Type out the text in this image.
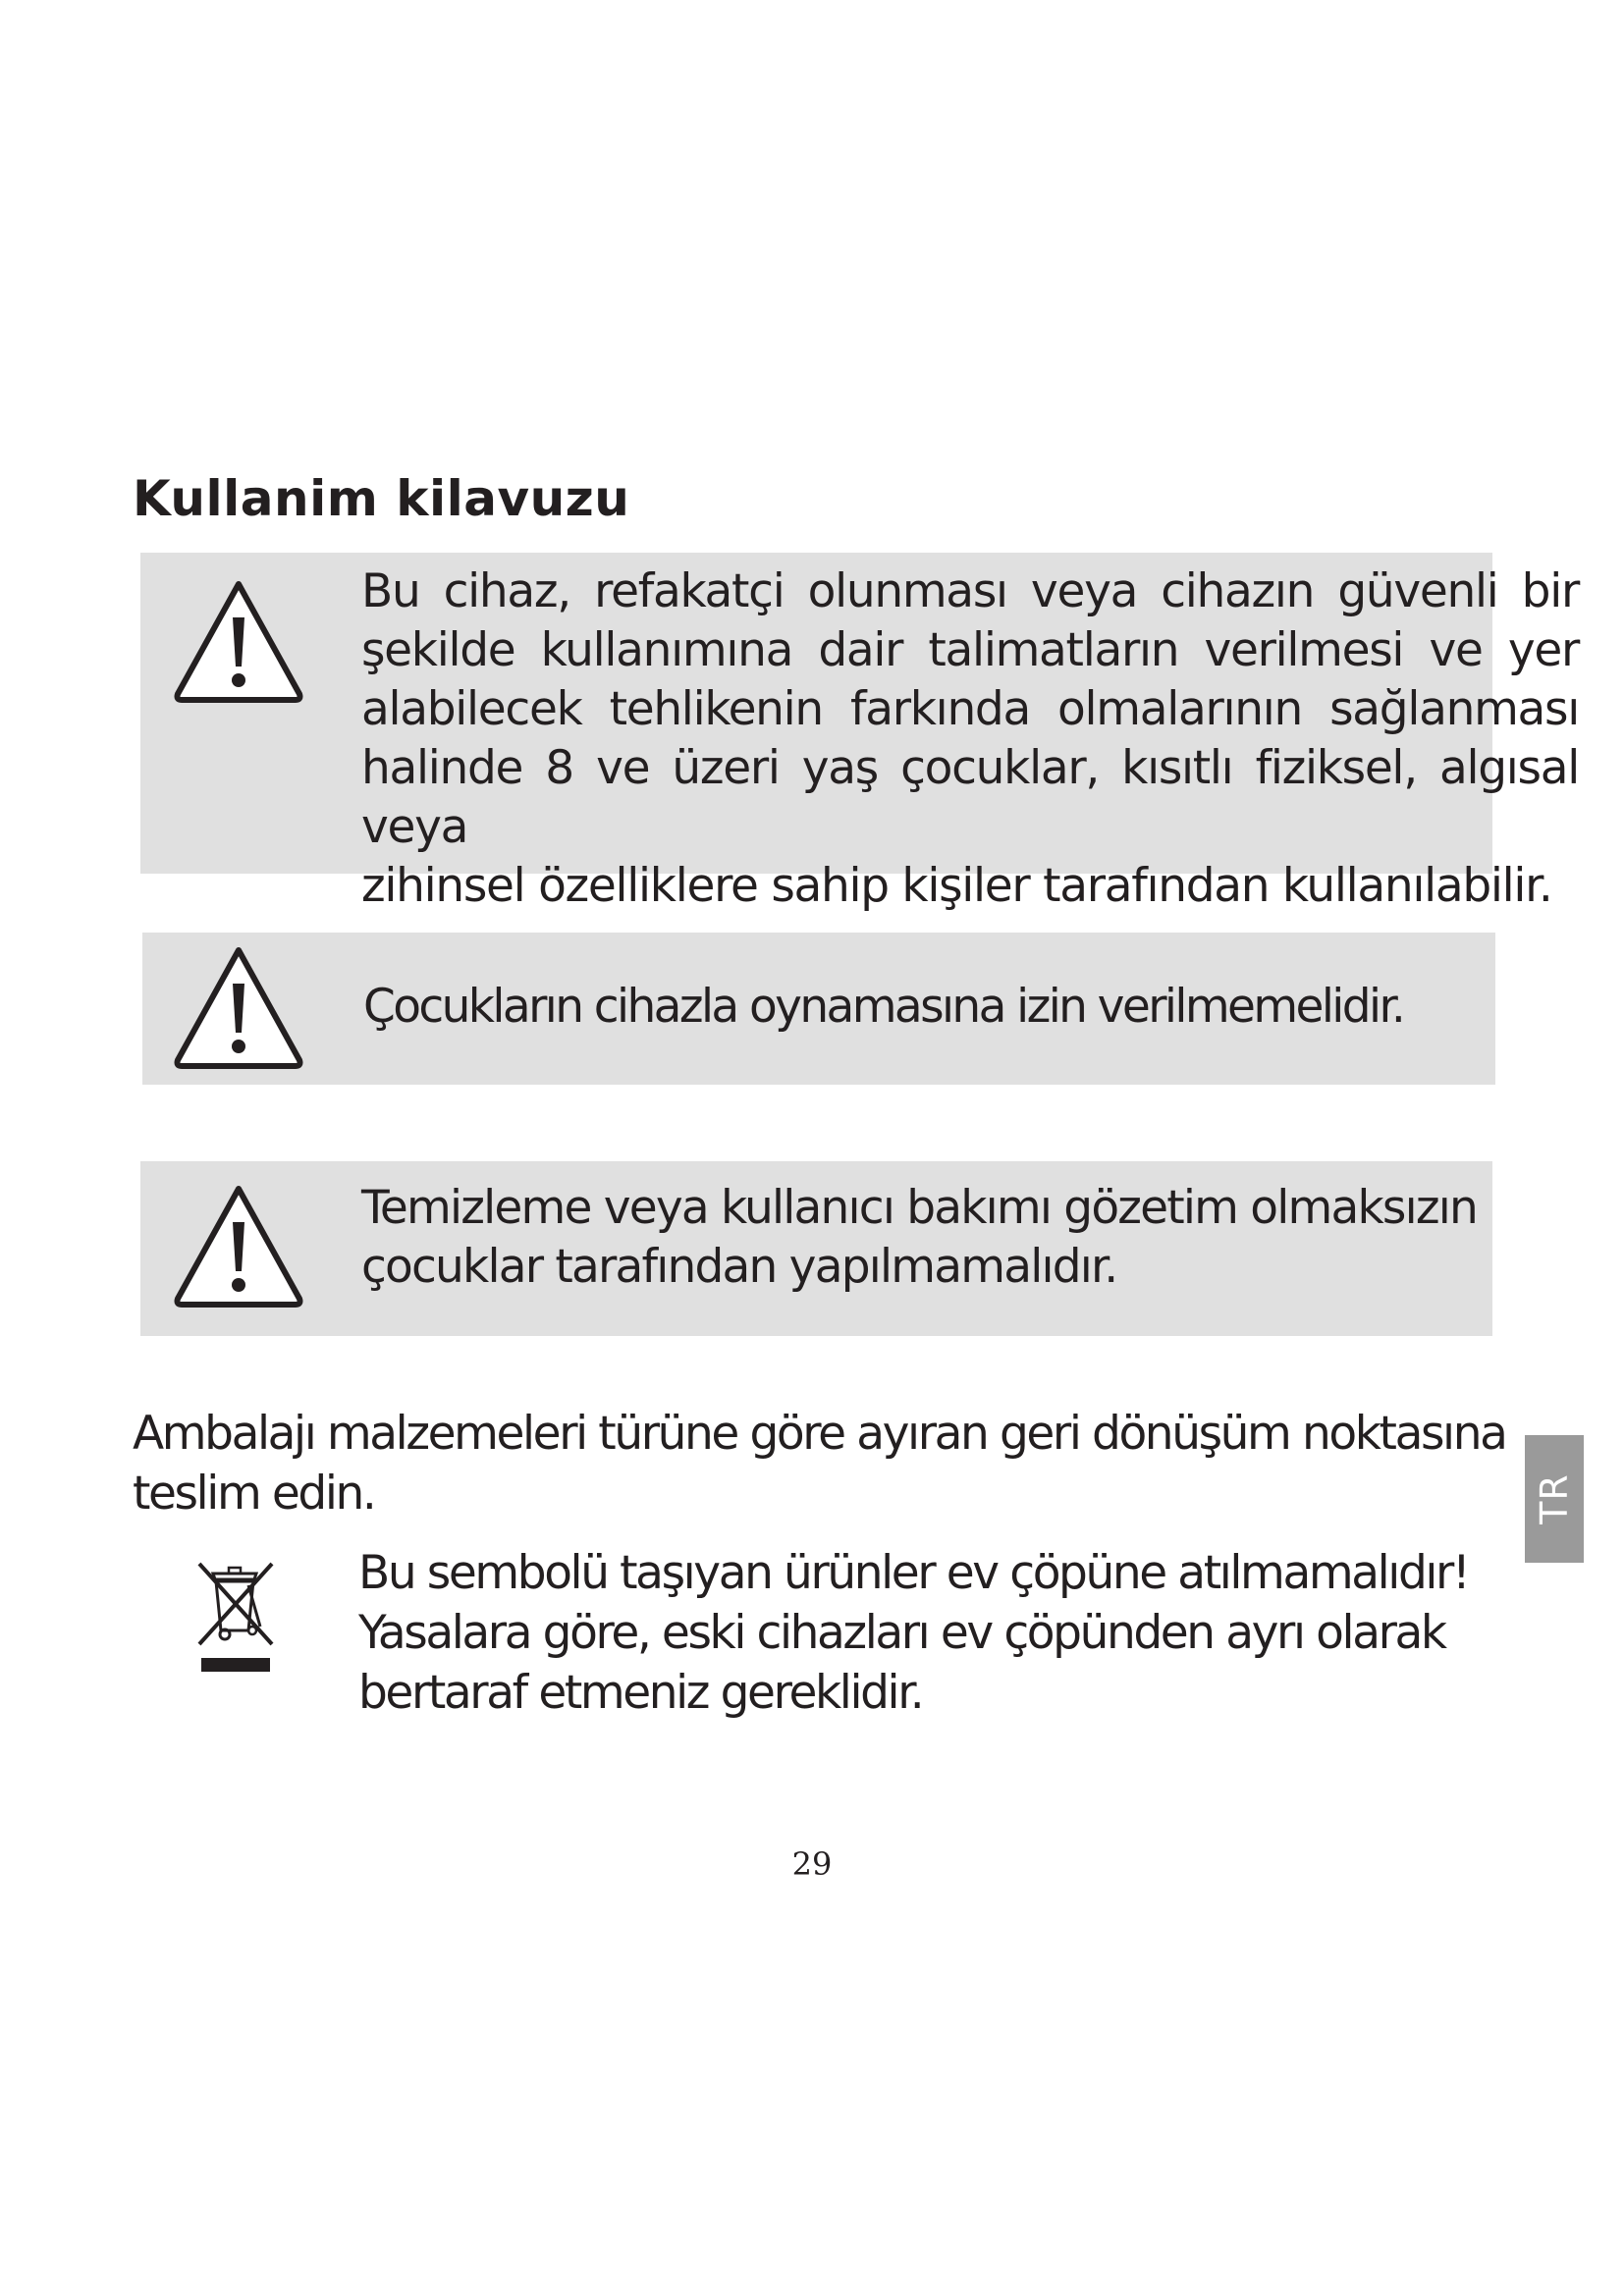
Kullanim kilavuzu
Bu cihaz, refakatçi olunması veya cihazın güvenli bir
şekilde kullanımına dair talimatların verilmesi ve yer
alabilecek tehlikenin farkında olmalarının sağlanması
halinde 8 ve üzeri yaş çocuklar, kısıtlı fiziksel, algısal veya
zihinsel özelliklere sahip kişiler tarafından kullanılabilir.
Çocukların cihazla oynamasına izin verilmemelidir.
Temizleme veya kullanıcı bakımı gözetim olmaksızın
çocuklar tarafından yapılmamalıdır.
Ambalajı malzemeleri türüne göre ayıran geri dönüşüm noktasına
teslim edin.
Bu sembolü taşıyan ürünler ev çöpüne atılmamalıdır!
Yasalara göre, eski cihazları ev çöpünden ayrı olarak
bertaraf etmeniz gereklidir.
TR
29
